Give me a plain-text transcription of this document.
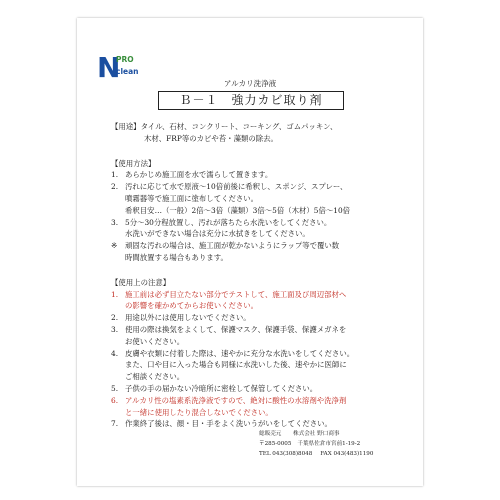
N
PRO
clean
アルカリ洗浄液
Ｂ－１　強力カビ取り剤
【用途】タイル、石材、コンクリート、コーキング、ゴムパッキン、
木材、FRP等のカビや苔・藻類の除去。
【使用方法】
1. あらかじめ施工面を水で濡らして置きます。
2. 汚れに応じて水で原液～10倍前後に希釈し、スポンジ、スプレー、
噴霧器等で施工面に塗布してください。
希釈目安…（一般）2倍～3倍（藻類）3倍～5倍（木材）5倍～10倍
3. 5分～30分程放置し、汚れが落ちたら水洗いをしてください。
水洗いができない場合は充分に水拭きをしてください。
※ 頑固な汚れの場合は、施工面が乾かないようにラップ等で覆い数
時間放置する場合もあります。
【使用上の注意】
1. 施工前は必ず目立たない部分でテストして、施工面及び周辺部材へ
の影響を確かめてからお使いください。
2. 用途以外には使用しないでください。
3. 使用の際は換気をよくして、保護マスク、保護手袋、保護メガネを
お使いください。
4. 皮膚や衣類に付着した際は、速やかに充分な水洗いをしてください。
また、口や目に入った場合も同様に水洗いした後、速やかに医師に
ご相談ください。
5. 子供の手の届かない冷暗所に密栓して保管してください。
6. アルカリ性の塩素系洗浄液ですので、絶対に酸性の水溶剤や洗浄剤
と一緒に使用したり混合しないでください。
7. 作業終了後は、顔・目・手をよく洗いうがいをしてください。
総販売元 株式会社 野口商事
〒285-0005 千葉県佐倉市宮前1-19-2
TEL 043(308)8048 FAX 043(483)1190
